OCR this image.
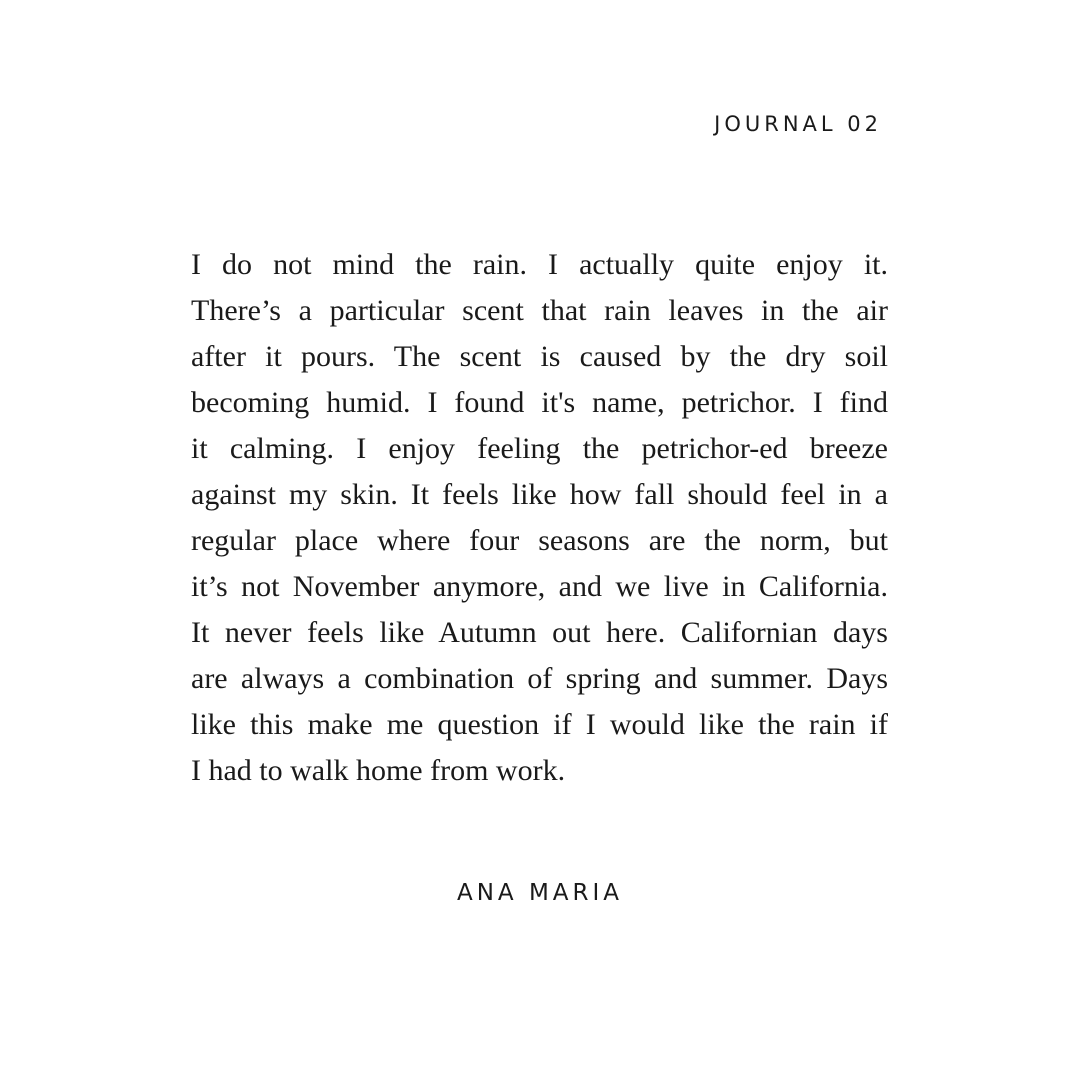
JOURNAL 02
I do not mind the rain. I actually quite enjoy it.
There’s a particular scent that rain leaves in the air
after it pours. The scent is caused by the dry soil
becoming humid. I found it's name, petrichor. I find
it calming. I enjoy feeling the petrichor-ed breeze
against my skin. It feels like how fall should feel in a
regular place where four seasons are the norm, but
it’s not November anymore, and we live in California.
It never feels like Autumn out here. Californian days
are always a combination of spring and summer. Days
like this make me question if I would like the rain if
I had to walk home from work.
ANA MARIA
